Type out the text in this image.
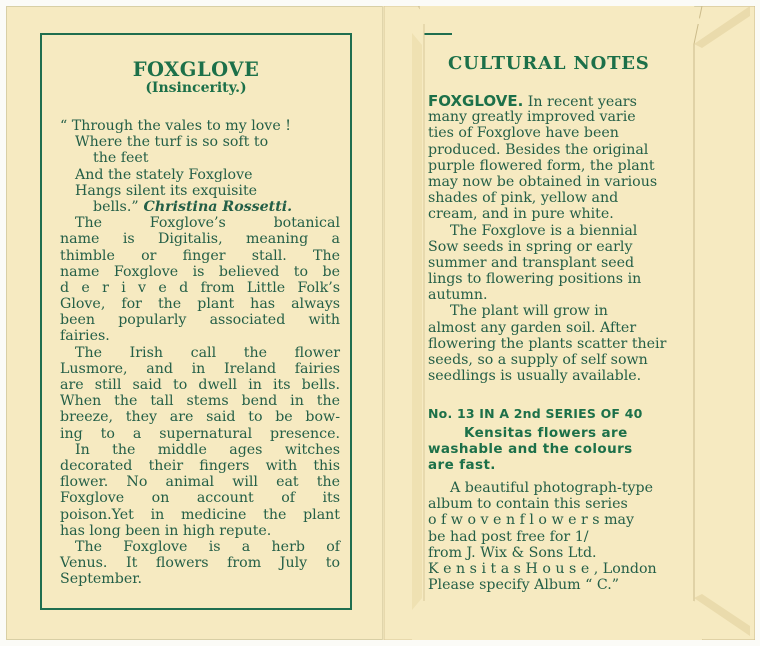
FOXGLOVE
(Insincerity.)
“ Through the vales to my love !
Where the turf is so soft to
the feet
And the stately Foxglove
Hangs silent its exquisite
bells.” Christina Rossetti.
The Foxglove’s botanical
name is Digitalis, meaning a
thimble or finger stall. The
name Foxglove is believed to be
d e r i v e d from Little Folk’s
Glove, for the plant has always
been popularly associated with
fairies.
The Irish call the flower
Lusmore, and in Ireland fairies
are still said to dwell in its bells.
When the tall stems bend in the
breeze, they are said to be bow-
ing to a supernatural presence.
In the middle ages witches
decorated their fingers with this
flower. No animal will eat the
Foxglove on account of its
poison.Yet in medicine the plant
has long been in high repute.
The Foxglove is a herb of
Venus. It flowers from July to
September.
CULTURAL NOTES
FOXGLOVE. In recent years
many greatly improved varie
ties of Foxglove have been
produced. Besides the original
purple flowered form, the plant
may now be obtained in various
shades of pink, yellow and
cream, and in pure white.
The Foxglove is a biennial
Sow seeds in spring or early
summer and transplant seed
lings to flowering positions in
autumn.
The plant will grow in
almost any garden soil. After
flowering the plants scatter their
seeds, so a supply of self sown
seedlings is usually available.
No. 13 IN A 2nd SERIES OF 40
Kensitas flowers are
washable and the colours
are fast.
A beautiful photograph-type
album to contain this series
o f w o v e n f l o w e r s may
be had post free for 1/
from J. Wix & Sons Ltd.
K e n s i t a s H o u s e , London
Please specify Album “ C.”
